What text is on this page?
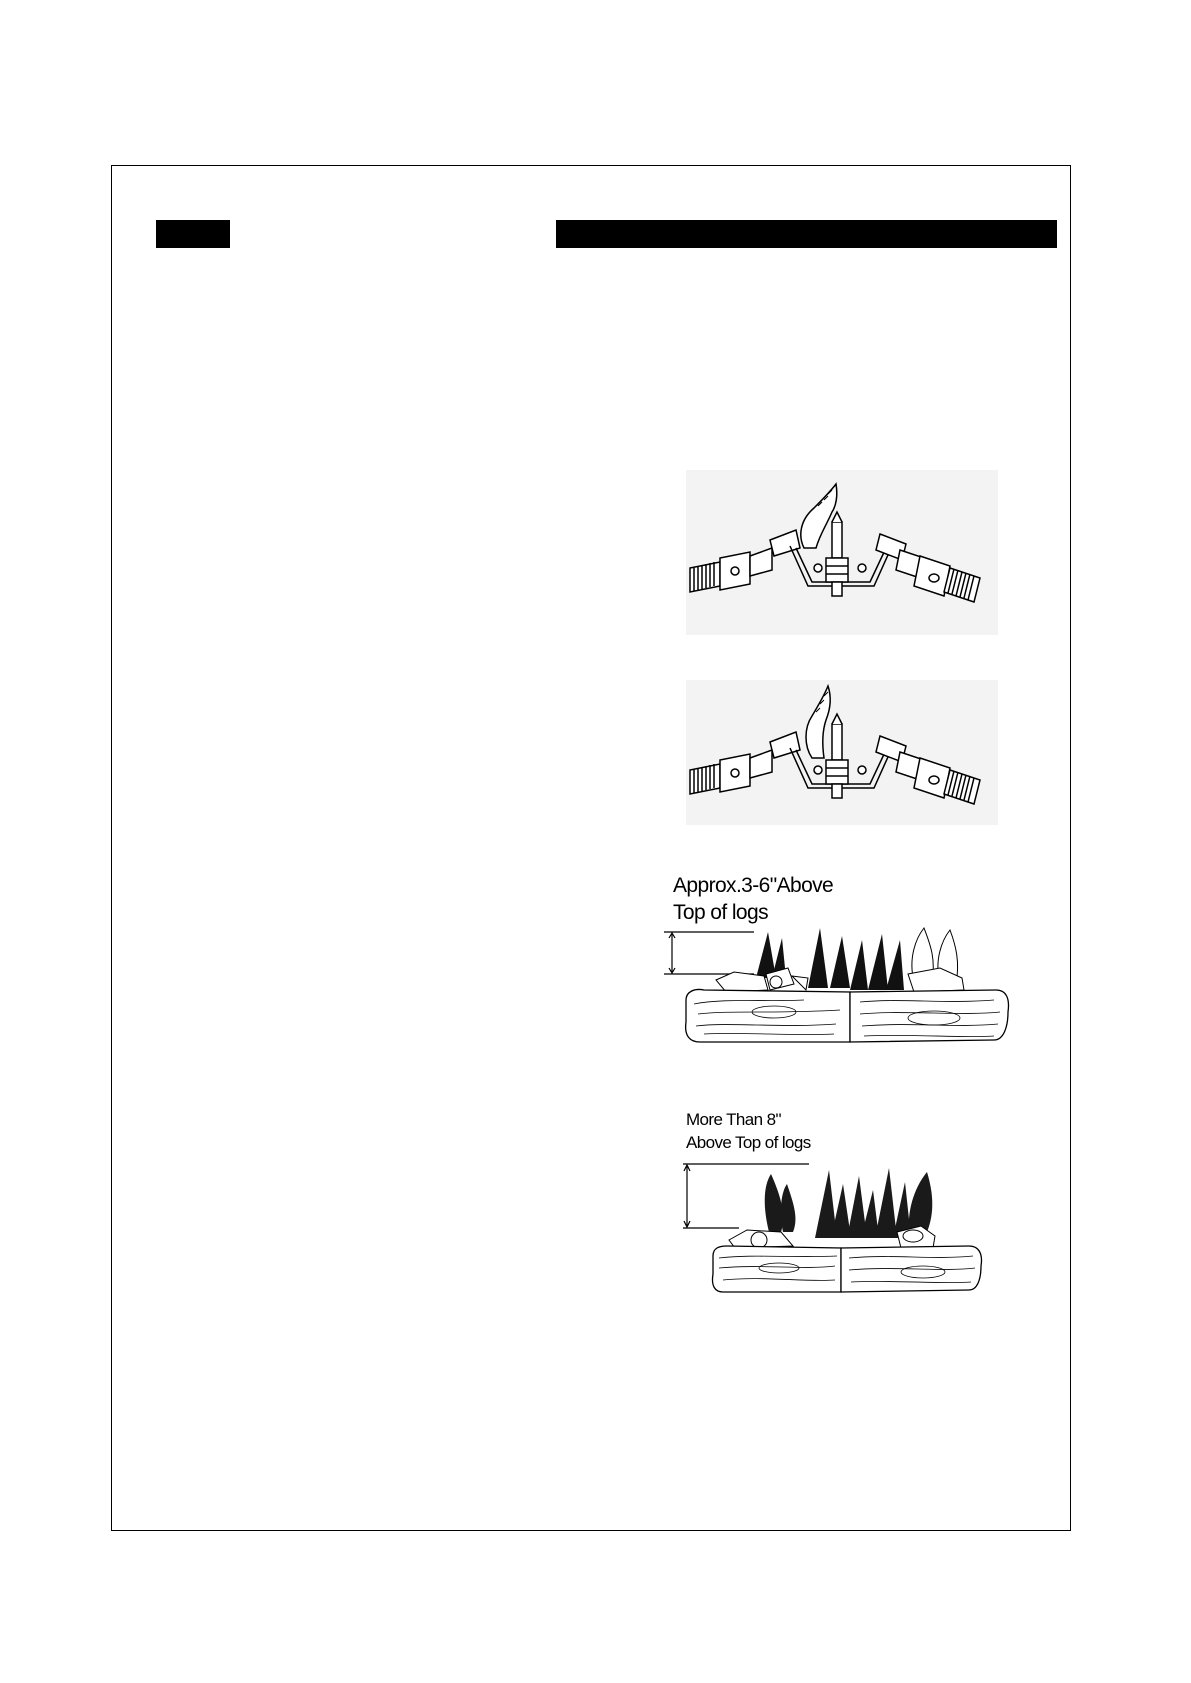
Approx.3-6"Above
Top of logs
More Than 8"
Above Top of logs
